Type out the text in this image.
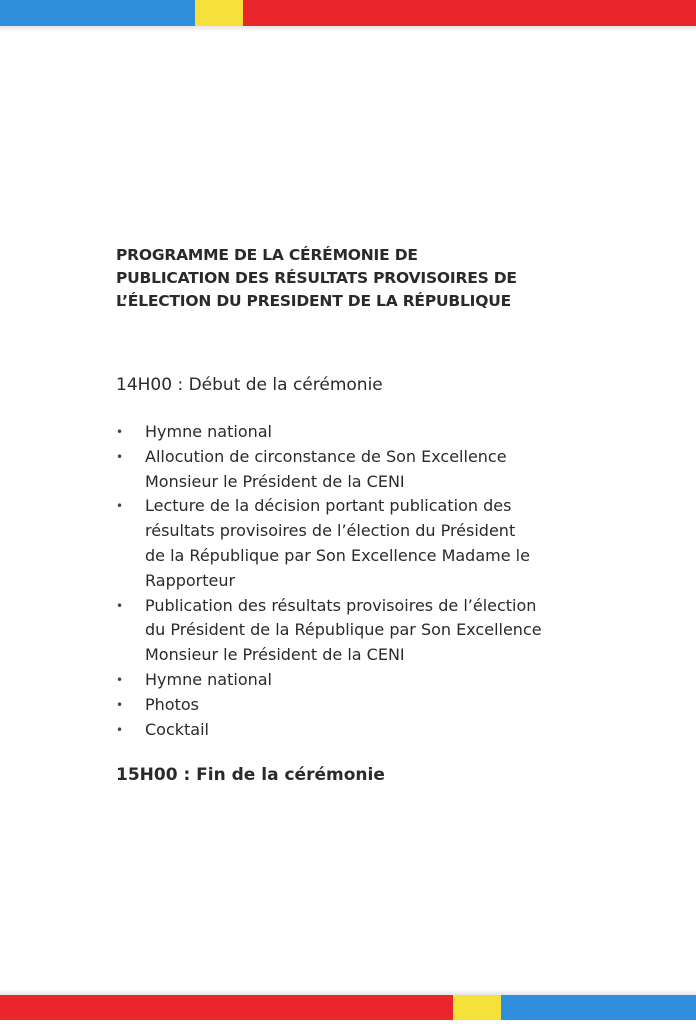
PROGRAMME DE LA CÉRÉMONIE DE
PUBLICATION DES RÉSULTATS PROVISOIRES DE
L’ÉLECTION DU PRESIDENT DE LA RÉPUBLIQUE

14H00 : Début de la cérémonie

• Hymne national
• Allocution de circonstance de Son Excellence
Monsieur le Président de la CENI
• Lecture de la décision portant publication des
résultats provisoires de l’élection du Président
de la République par Son Excellence Madame le
Rapporteur
• Publication des résultats provisoires de l’élection
du Président de la République par Son Excellence
Monsieur le Président de la CENI
• Hymne national
• Photos
• Cocktail

15H00 : Fin de la cérémonie
